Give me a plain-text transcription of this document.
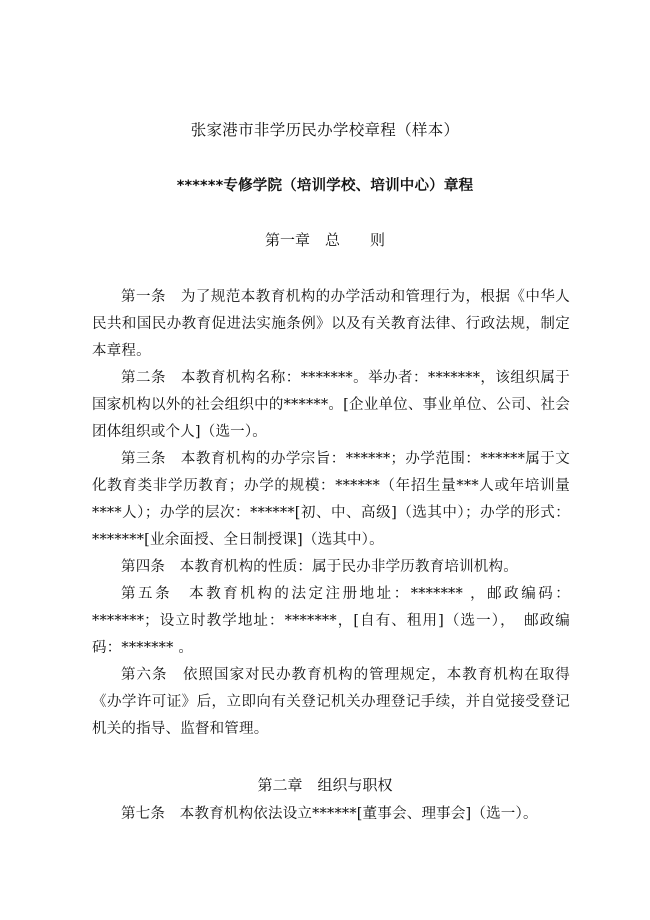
张家港市非学历民办学校章程（样本）
******专修学院（培训学校、培训中心）章程
第一章　总　　则

第一条　为了规范本教育机构的办学活动和管理行为，根据《中华人民共和国民办教育促进法实施条例》以及有关教育法律、行政法规，制定本章程。

第二条　本教育机构名称：*******。举办者：*******，该组织属于国家机构以外的社会组织中的******。[企业单位、事业单位、公司、社会团体组织或个人]（选一）。

第三条　本教育机构的办学宗旨：******；办学范围：******属于文化教育类非学历教育；办学的规模：******（年招生量***人或年培训量****人）；办学的层次：******[初、中、高级]（选其中）；办学的形式：*******[业余面授、全日制授课]（选其中）。

第四条　本教育机构的性质：属于民办非学历教育培训机构。

第五条　本教育机构的法定注册地址：******* ，邮政编码：*******；设立时教学地址：*******，[自有、租用]（选一），　邮政编码：******* 。

第六条　依照国家对民办教育机构的管理规定，本教育机构在取得《办学许可证》后，立即向有关登记机关办理登记手续，并自觉接受登记机关的指导、监督和管理。

第二章　组织与职权

第七条　本教育机构依法设立******[董事会、理事会]（选一）。
